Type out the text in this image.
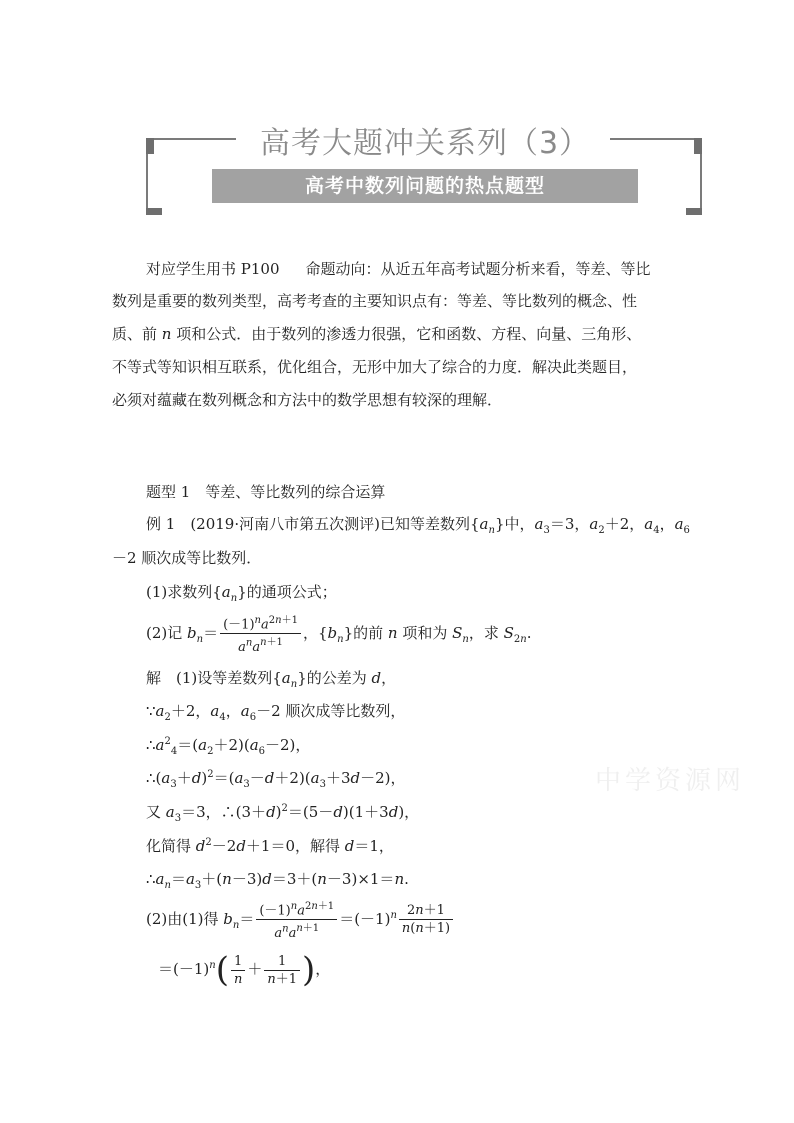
高考大题冲关系列（3）
高考中数列问题的热点题型
对应学生用书 P100 命题动向：从近五年高考试题分析来看，等差、等比
数列是重要的数列类型，高考考查的主要知识点有：等差、等比数列的概念、性
质、前 n 项和公式．由于数列的渗透力很强，它和函数、方程、向量、三角形、
不等式等知识相互联系，优化组合，无形中加大了综合的力度．解决此类题目，
必须对蕴藏在数列概念和方法中的数学思想有较深的理解．
题型 1　等差、等比数列的综合运算
例 1　 (2019·河南八市第五次测评)已知等差数列$\{a_n\}$中，$a_3=3$，$a_2+2$，$a_4$，$a_6$
－2 顺次成等比数列．
(1)求数列$\{a_n\}$的通项公式；
(2)记 $b_n= \frac{(-1)^na^{2n+1}}{a^na^{n+1}}$ ，$\{b_n\}$的前 n 项和为 $S_n$，求 $S_{2n}$.
解　(1)设等差数列$\{a_n\}$的公差为 d，
$\because a_2+2$，$a_4$，$a_6-2$ 顺次成等比数列，
$\therefore a^2_4=(a_2+2)(a_6-2)$，
$\therefore(a_3+d)^2=(a_3-d+2)(a_3+3d-2)$，
又 $a_3=3$，$\therefore(3+d)^2=(5-d)(1+3d)$，
化简得 $d^2-2d+1=0$，解得 d＝1，
$\therefore a_n=a_3+(n-3)d=3+(n-3)\times 1=n$.
(2)由(1)得 $b_n= \frac{(-1)^na^{2n+1}}{a^na^{n+1}} =(-1)^n \frac{2n+1}{n(n+1)}$
$=(-1)^n( \frac{1}{n} + \frac{1}{n+1}$ )，
中学资源网
